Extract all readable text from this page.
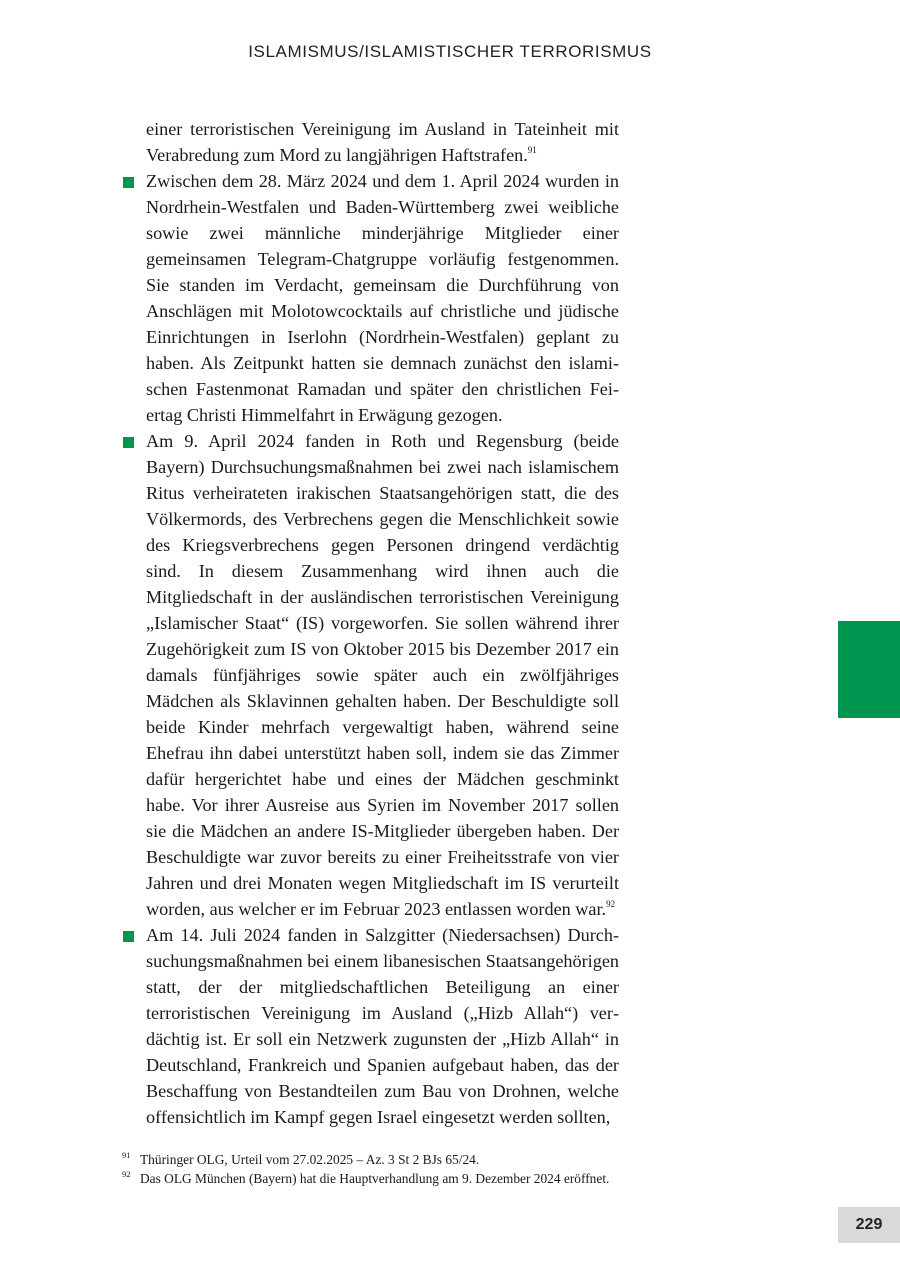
ISLAMISMUS/ISLAMISTISCHER TERRORISMUS

einer terroristischen Vereinigung im Ausland in Tateinheit mit Verabredung zum Mord zu langjährigen Haftstrafen.$^{91}$

Zwischen dem 28. März 2024 und dem 1. April 2024 wurden in Nordrhein-Westfalen und Baden-Württemberg zwei weibliche sowie zwei männliche minderjährige Mitglieder einer gemeinsamen Telegram-Chatgruppe vorläufig festgenommen. Sie standen im Verdacht, gemeinsam die Durchführung von Anschlägen mit Molotowcocktails auf christliche und jüdische Einrichtungen in Iserlohn (Nordrhein-Westfalen) geplant zu haben. Als Zeitpunkt hatten sie demnach zunächst den islamischen Fastenmonat Ramadan und später den christlichen Feiertag Christi Himmelfahrt in Erwägung gezogen.

Am 9. April 2024 fanden in Roth und Regensburg (beide Bayern) Durchsuchungsmaßnahmen bei zwei nach islamischem Ritus verheirateten irakischen Staatsangehörigen statt, die des Völkermords, des Verbrechens gegen die Menschlichkeit sowie des Kriegsverbrechens gegen Personen dringend verdächtig sind. In diesem Zusammenhang wird ihnen auch die Mitgliedschaft in der ausländischen terroristischen Vereinigung „Islamischer Staat“ (IS) vorgeworfen. Sie sollen während ihrer Zugehörigkeit zum IS von Oktober 2015 bis Dezember 2017 ein damals fünfjähriges sowie später auch ein zwölfjähriges Mädchen als Sklavinnen gehalten haben. Der Beschuldigte soll beide Kinder mehrfach vergewaltigt haben, während seine Ehefrau ihn dabei unterstützt haben soll, indem sie das Zimmer dafür hergerichtet habe und eines der Mädchen geschminkt habe. Vor ihrer Ausreise aus Syrien im November 2017 sollen sie die Mädchen an andere IS-Mitglieder übergeben haben. Der Beschuldigte war zuvor bereits zu einer Freiheitsstrafe von vier Jahren und drei Monaten wegen Mitgliedschaft im IS verurteilt worden, aus welcher er im Februar 2023 entlassen worden war.$^{92}$

Am 14. Juli 2024 fanden in Salzgitter (Niedersachsen) Durchsuchungsmaßnahmen bei einem libanesischen Staatsangehörigen statt, der der mitgliedschaftlichen Beteiligung an einer terroristischen Vereinigung im Ausland („Hizb Allah“) verdächtig ist. Er soll ein Netzwerk zugunsten der „Hizb Allah“ in Deutschland, Frankreich und Spanien aufgebaut haben, das der Beschaffung von Bestandteilen zum Bau von Drohnen, welche offensichtlich im Kampf gegen Israel eingesetzt werden sollten,

91 Thüringer OLG, Urteil vom 27.02.2025 – Az. 3 St 2 BJs 65/24.
92 Das OLG München (Bayern) hat die Hauptverhandlung am 9. Dezember 2024 eröffnet.
229
